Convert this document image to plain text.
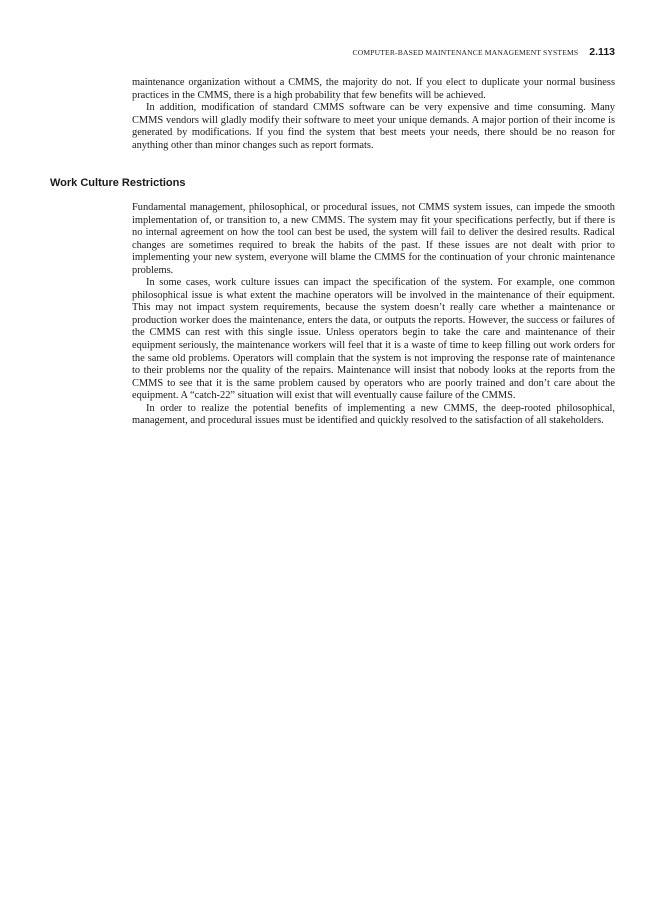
COMPUTER-BASED MAINTENANCE MANAGEMENT SYSTEMS 2.113

maintenance organization without a CMMS, the majority do not. If you elect to duplicate your normal business practices in the CMMS, there is a high probability that few benefits will be achieved.

In addition, modification of standard CMMS software can be very expensive and time consuming. Many CMMS vendors will gladly modify their software to meet your unique demands. A major portion of their income is generated by modifications. If you find the system that best meets your needs, there should be no reason for anything other than minor changes such as report formats.

Work Culture Restrictions

Fundamental management, philosophical, or procedural issues, not CMMS system issues, can impede the smooth implementation of, or transition to, a new CMMS. The system may fit your specifications perfectly, but if there is no internal agreement on how the tool can best be used, the system will fail to deliver the desired results. Radical changes are sometimes required to break the habits of the past. If these issues are not dealt with prior to implementing your new system, everyone will blame the CMMS for the continuation of your chronic maintenance problems.

In some cases, work culture issues can impact the specification of the system. For example, one common philosophical issue is what extent the machine operators will be involved in the maintenance of their equipment. This may not impact system requirements, because the system doesn’t really care whether a maintenance or production worker does the maintenance, enters the data, or outputs the reports. However, the success or failures of the CMMS can rest with this single issue. Unless operators begin to take the care and maintenance of their equipment seriously, the maintenance workers will feel that it is a waste of time to keep filling out work orders for the same old problems. Operators will complain that the system is not improving the response rate of maintenance to their problems nor the quality of the repairs. Maintenance will insist that nobody looks at the reports from the CMMS to see that it is the same problem caused by operators who are poorly trained and don’t care about the equipment. A “catch-22” situation will exist that will eventually cause failure of the CMMS.

In order to realize the potential benefits of implementing a new CMMS, the deep-rooted philosophical, management, and procedural issues must be identified and quickly resolved to the satisfaction of all stakeholders.
